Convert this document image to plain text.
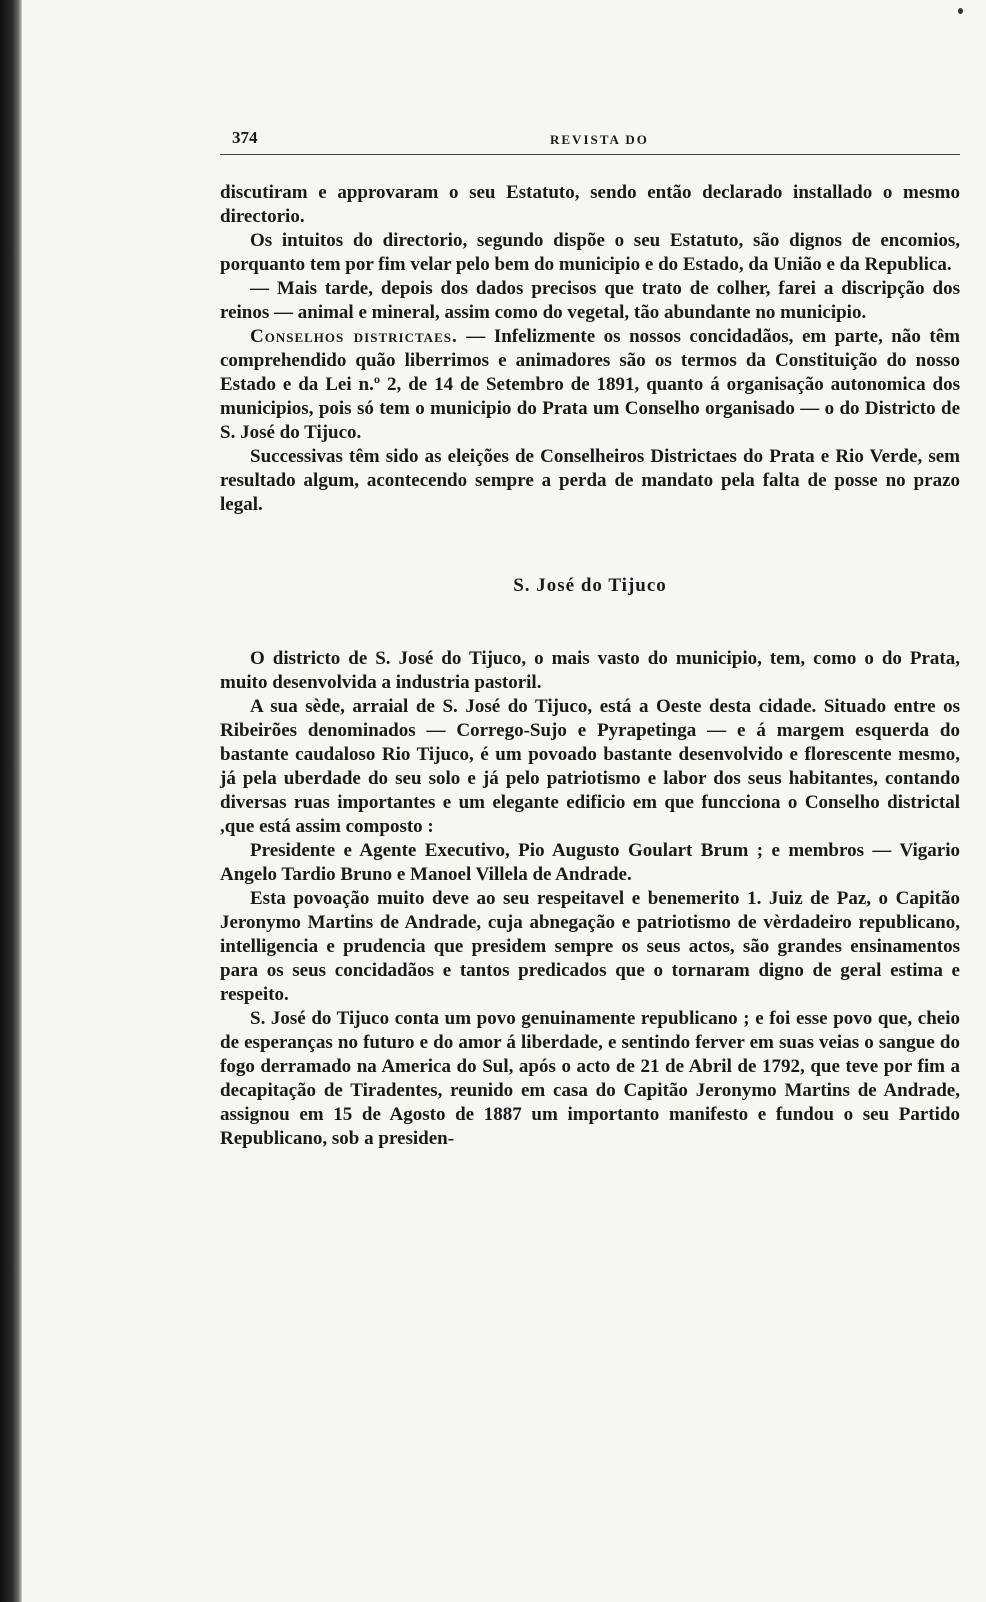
374	REVISTA DO

discutiram e approvaram o seu Estatuto, sendo então declarado installado o mesmo directorio.

Os intuitos do directorio, segundo dispõe o seu Estatuto, são dignos de encomios, porquanto tem por fim velar pelo bem do municipio e do Estado, da União e da Republica.

— Mais tarde, depois dos dados precisos que trato de colher, farei a discripção dos reinos — animal e mineral, assim como do vegetal, tão abundante no municipio.

Conselhos districtaes. — Infelizmente os nossos concidadãos, em parte, não têm comprehendido quão liberrimos e animadores são os termos da Constituição do nosso Estado e da Lei n.º 2, de 14 de Setembro de 1891, quanto á organisação autonomica dos municipios, pois só tem o municipio do Prata um Conselho organisado — o do Districto de S. José do Tijuco.

Successivas têm sido as eleições de Conselheiros Districtaes do Prata e Rio Verde, sem resultado algum, acontecendo sempre a perda de mandato pela falta de posse no prazo legal.

S. José do Tijuco

O districto de S. José do Tijuco, o mais vasto do municipio, tem, como o do Prata, muito desenvolvida a industria pastoril.

A sua sède, arraial de S. José do Tijuco, está a Oeste desta cidade. Situado entre os Ribeirões denominados — Corrego-Sujo e Pyrapetinga — e á margem esquerda do bastante caudaloso Rio Tijuco, é um povoado bastante desenvolvido e florescente mesmo, já pela uberdade do seu solo e já pelo patriotismo e labor dos seus habitantes, contando diversas ruas importantes e um elegante edificio em que funcciona o Conselho districtal ,que está assim composto :

Presidente e Agente Executivo, Pio Augusto Goulart Brum ; e membros — Vigario Angelo Tardio Bruno e Manoel Villela de Andrade.

Esta povoação muito deve ao seu respeitavel e benemerito 1. Juiz de Paz, o Capitão Jeronymo Martins de Andrade, cuja abnegação e patriotismo de vèrdadeiro republicano, intelligencia e prudencia que presidem sempre os seus actos, são grandes ensinamentos para os seus concidadãos e tantos predicados que o tornaram digno de geral estima e respeito.

S. José do Tijuco conta um povo genuinamente republicano ; e foi esse povo que, cheio de esperanças no futuro e do amor á liberdade, e sentindo ferver em suas veias o sangue do fogo derramado na America do Sul, após o acto de 21 de Abril de 1792, que teve por fim a decapitação de Tiradentes, reunido em casa do Capitão Jeronymo Martins de Andrade, assignou em 15 de Agosto de 1887 um importanto manifesto e fundou o seu Partido Republicano, sob a presiden-
